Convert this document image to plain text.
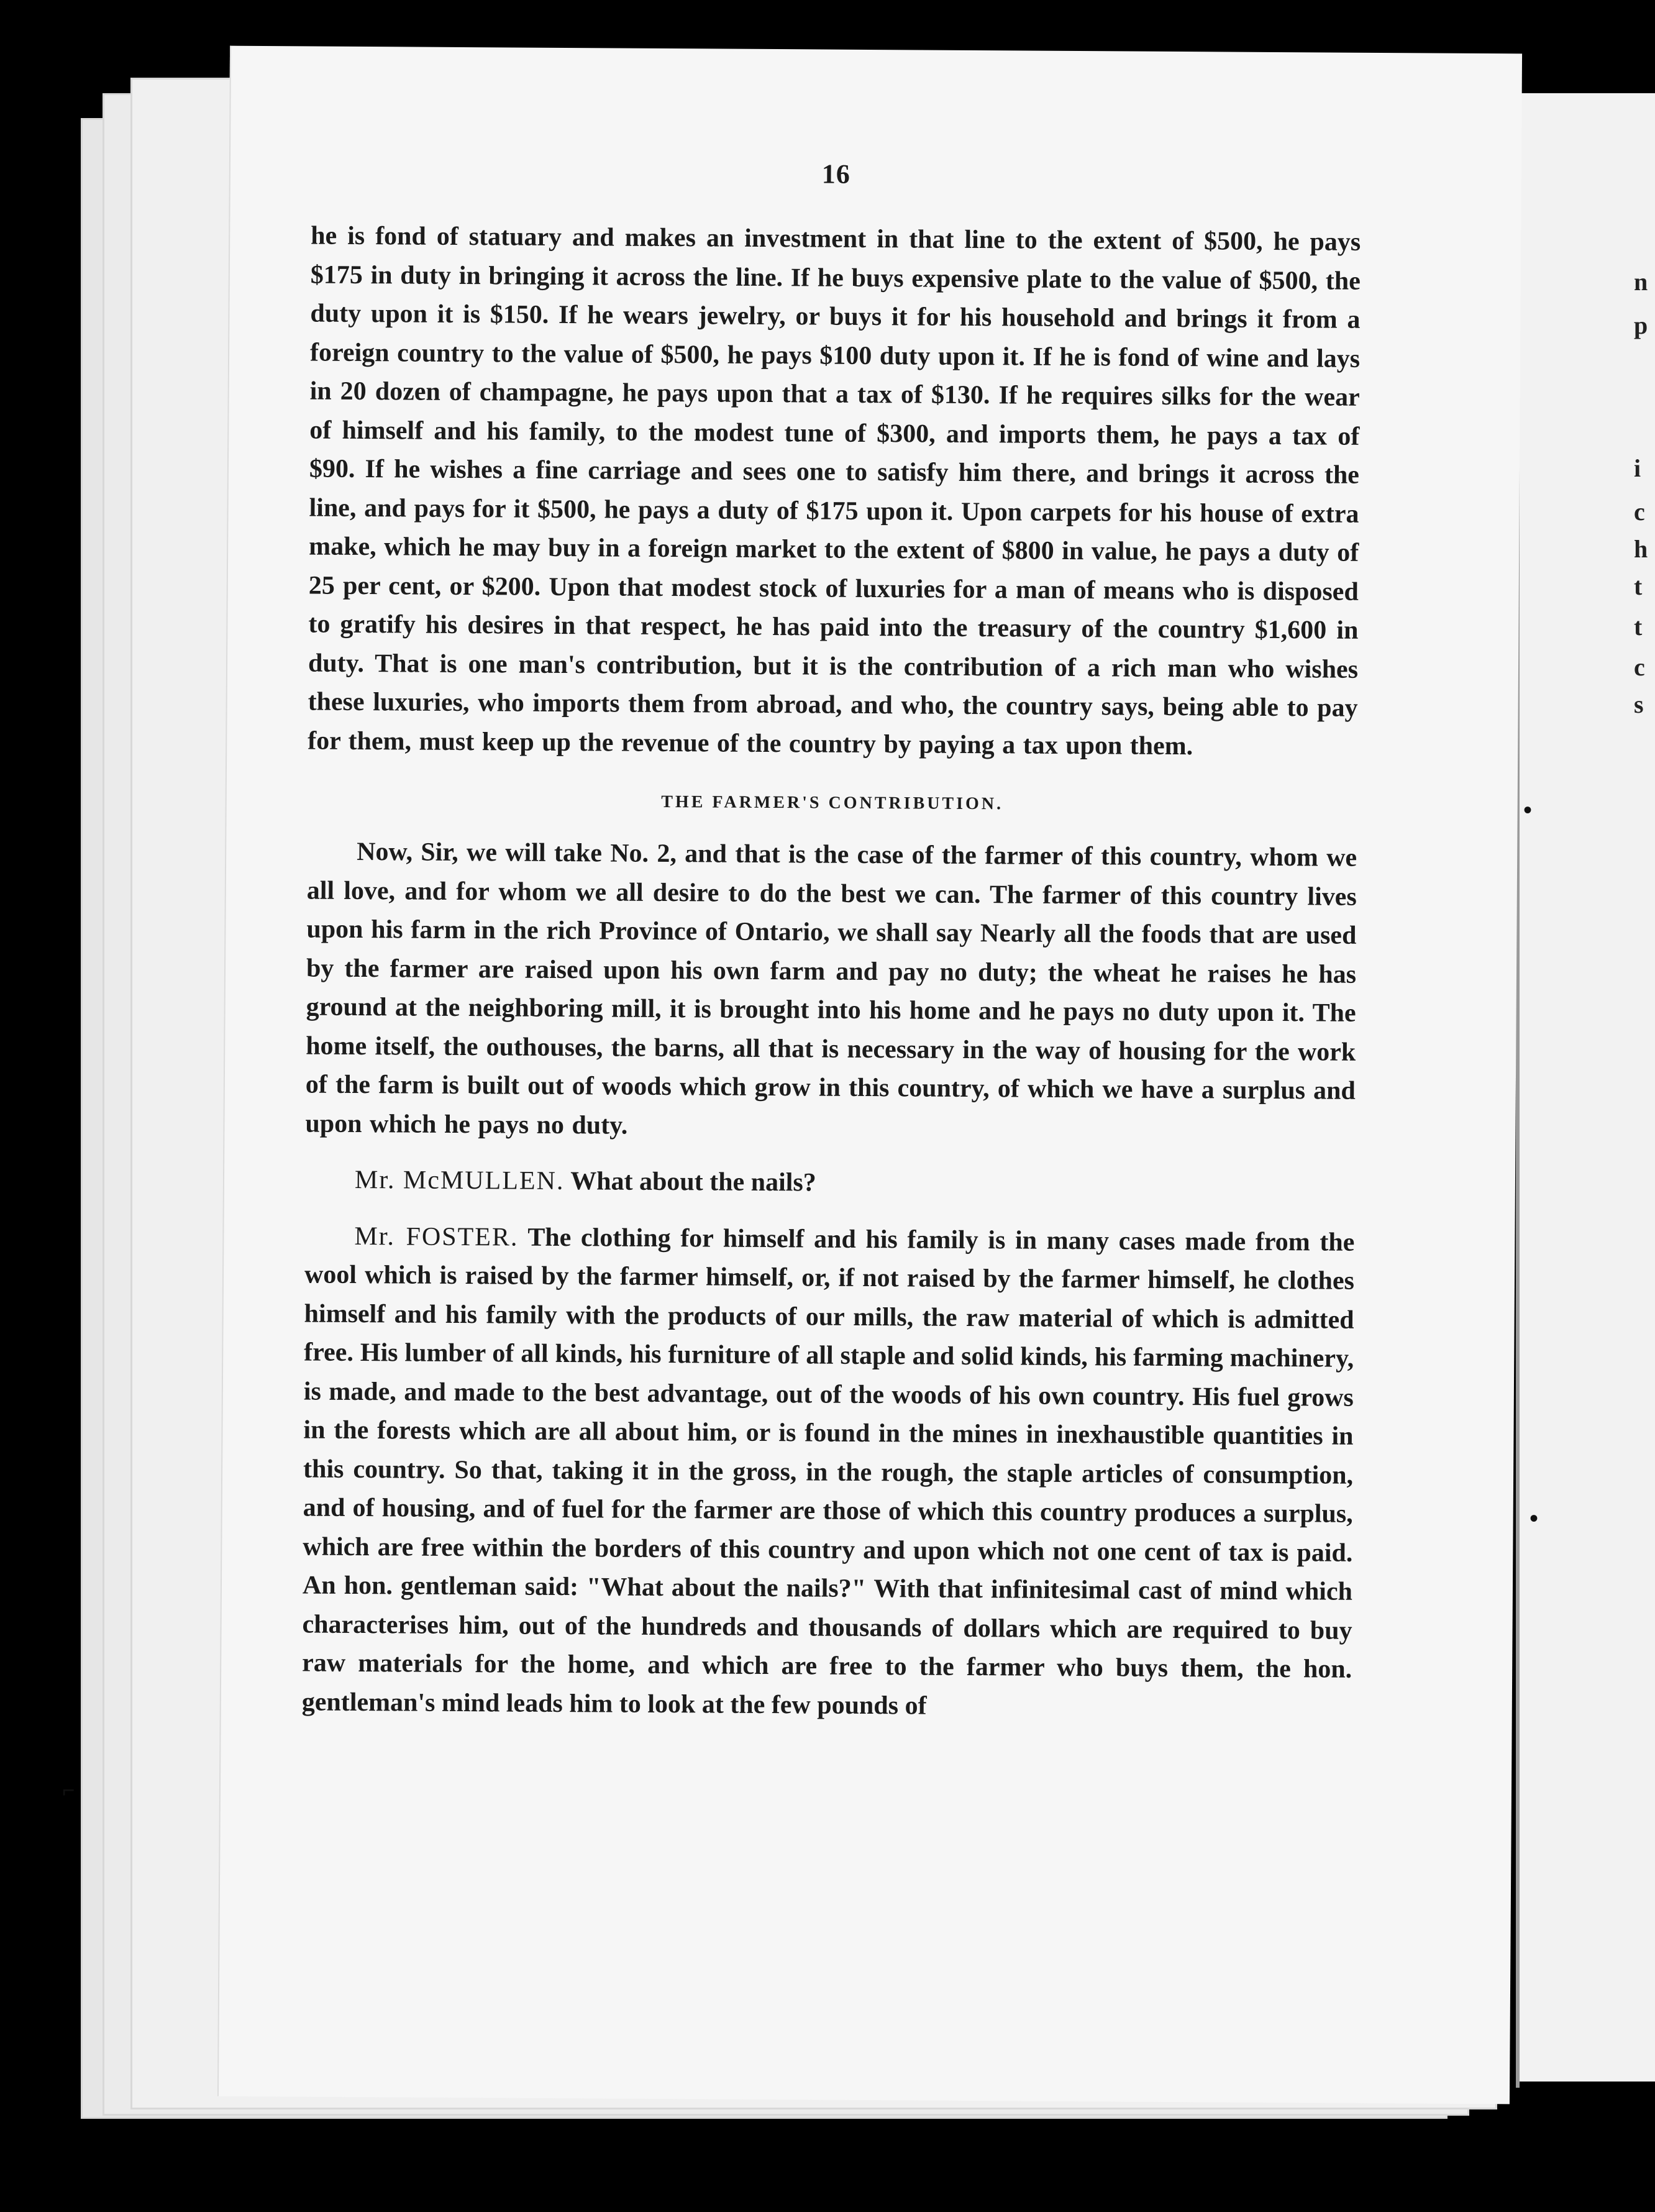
n
p
i
c
h
t
t
c
s
•
•
⌐
16

he is fond of statuary and makes an investment in that line to the extent of $500, he pays $175 in duty in bringing it across the line. If he buys expensive plate to the value of $500, the duty upon it is $150. If he wears jewelry, or buys it for his household and brings it from a foreign country to the value of $500, he pays $100 duty upon it. If he is fond of wine and lays in 20 dozen of champagne, he pays upon that a tax of $130. If he requires silks for the wear of himself and his family, to the modest tune of $300, and imports them, he pays a tax of $90. If he wishes a fine carriage and sees one to satisfy him there, and brings it across the line, and pays for it $500, he pays a duty of $175 upon it. Upon carpets for his house of extra make, which he may buy in a foreign market to the extent of $800 in value, he pays a duty of 25 per cent, or $200. Upon that modest stock of luxuries for a man of means who is disposed to gratify his desires in that respect, he has paid into the treasury of the country $1,600 in duty. That is one man's contribution, but it is the contribution of a rich man who wishes these luxuries, who imports them from abroad, and who, the country says, being able to pay for them, must keep up the revenue of the country by paying a tax upon them.

THE FARMER'S CONTRIBUTION.

Now, Sir, we will take No. 2, and that is the case of the farmer of this country, whom we all love, and for whom we all desire to do the best we can. The farmer of this country lives upon his farm in the rich Province of Ontario, we shall say Nearly all the foods that are used by the farmer are raised upon his own farm and pay no duty; the wheat he raises he has ground at the neighboring mill, it is brought into his home and he pays no duty upon it. The home itself, the outhouses, the barns, all that is necessary in the way of housing for the work of the farm is built out of woods which grow in this country, of which we have a surplus and upon which he pays no duty.

Mr. McMULLEN. What about the nails?

Mr. FOSTER. The clothing for himself and his family is in many cases made from the wool which is raised by the farmer himself, or, if not raised by the farmer himself, he clothes himself and his family with the products of our mills, the raw material of which is admitted free. His lumber of all kinds, his furniture of all staple and solid kinds, his farming machinery, is made, and made to the best advantage, out of the woods of his own country. His fuel grows in the forests which are all about him, or is found in the mines in inexhaustible quantities in this country. So that, taking it in the gross, in the rough, the staple articles of consumption, and of housing, and of fuel for the farmer are those of which this country produces a surplus, which are free within the borders of this country and upon which not one cent of tax is paid. An hon. gentleman said: "What about the nails?" With that infinitesimal cast of mind which characterises him, out of the hundreds and thousands of dollars which are required to buy raw materials for the home, and which are free to the farmer who buys them, the hon. gentleman's mind leads him to look at the few pounds of
